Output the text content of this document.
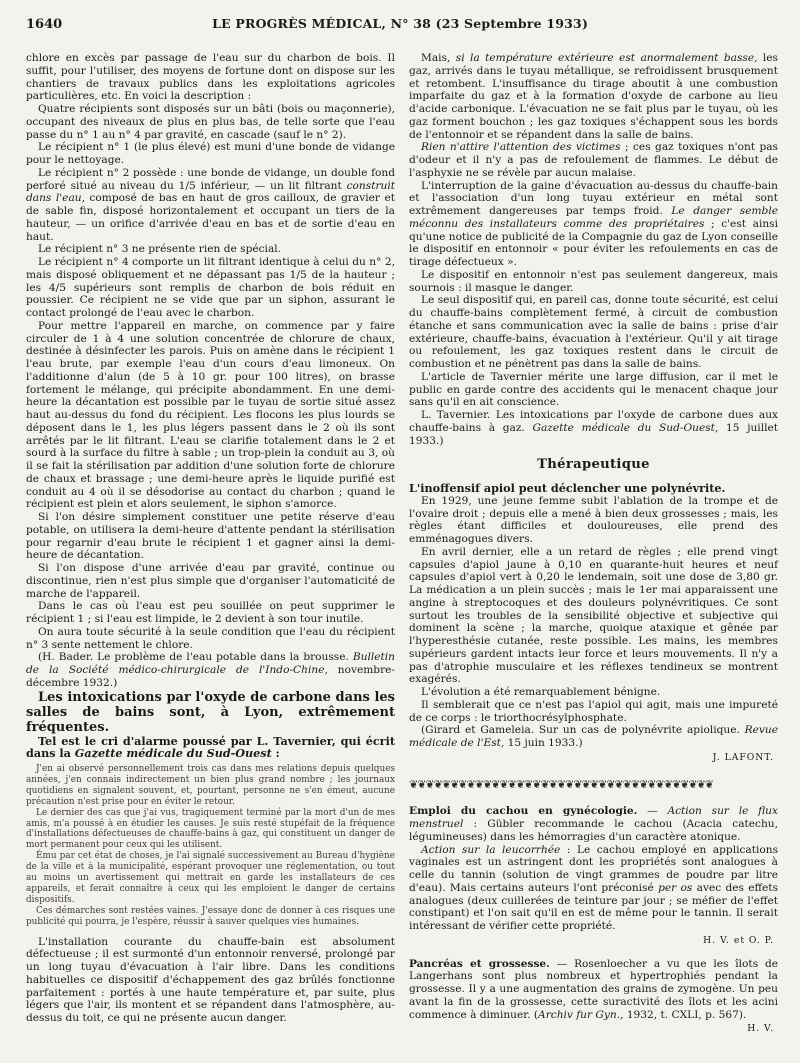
1640	LE PROGRÈS MÉDICAL, N° 38 (23 Septembre 1933)

chlore en excès par passage de l'eau sur du charbon de bois. Il suffit, pour l'utiliser, des moyens de fortune dont on dispose sur les chantiers de travaux publics dans les exploitations agricoles particulières, etc. En voici la description :

Quatre récipients sont disposés sur un bâti (bois ou maçonnerie), occupant des niveaux de plus en plus bas, de telle sorte que l'eau passe du n° 1 au n° 4 par gravité, en cascade (sauf le n° 2).

Le récipient n° 1 (le plus élevé) est muni d'une bonde de vidange pour le nettoyage.

Le récipient n° 2 possède : une bonde de vidange, un double fond perforé situé au niveau du 1/5 inférieur, — un lit filtrant construit dans l'eau, composé de bas en haut de gros cailloux, de gravier et de sable fin, disposé horizontalement et occupant un tiers de la hauteur, — un orifice d'arrivée d'eau en bas et de sortie d'eau en haut.

Le récipient n° 3 ne présente rien de spécial.

Le récipient n° 4 comporte un lit filtrant identique à celui du n° 2, mais disposé obliquement et ne dépassant pas 1/5 de la hauteur ; les 4/5 supérieurs sont remplis de charbon de bois réduit en poussier. Ce récipient ne se vide que par un siphon, assurant le contact prolongé de l'eau avec le charbon.

Pour mettre l'appareil en marche, on commence par y faire circuler de 1 à 4 une solution concentrée de chlorure de chaux, destinée à désinfecter les parois. Puis on amène dans le récipient 1 l'eau brute, par exemple l'eau d'un cours d'eau limoneux. On l'additionne d'alun (de 5 à 10 gr. pour 100 litres), on brasse fortement le mélange, qui précipite abondamment. En une demi-heure la décantation est possible par le tuyau de sortie situé assez haut au-dessus du fond du récipient. Les flocons les plus lourds se déposent dans le 1, les plus légers passent dans le 2 où ils sont arrêtés par le lit filtrant. L'eau se clarifie totalement dans le 2 et sourd à la surface du filtre à sable ; un trop-plein la conduit au 3, où il se fait la stérilisation par addition d'une solution forte de chlorure de chaux et brassage ; une demi-heure après le liquide purifié est conduit au 4 où il se désodorise au contact du charbon ; quand le récipient est plein et alors seulement, le siphon s'amorce.

Si l'on désire simplement constituer une petite réserve d'eau potable, on utilisera la demi-heure d'attente pendant la stérilisation pour regarnir d'eau brute le récipient 1 et gagner ainsi la demi-heure de décantation.

Si l'on dispose d'une arrivée d'eau par gravité, continue ou discontinue, rien n'est plus simple que d'organiser l'automaticité de marche de l'appareil.

Dans le cas où l'eau est peu souillée on peut supprimer le récipient 1 ; si l'eau est limpide, le 2 devient à son tour inutile.

On aura toute sécurité à la seule condition que l'eau du récipient n° 3 sente nettement le chlore.

(H. Bader. Le problème de l'eau potable dans la brousse. Bulletin de la Société médico-chirurgicale de l'Indo-Chine, novembre-décembre 1932.)

Les intoxications par l'oxyde de carbone dans les salles de bains sont, à Lyon, extrêmement fréquentes.

Tel est le cri d'alarme poussé par L. Tavernier, qui écrit dans la Gazette médicale du Sud-Ouest :

J'en ai observé personnellement trois cas dans mes relations depuis quelques années, j'en connais indirectement un bien plus grand nombre ; les journaux quotidiens en signalent souvent, et, pourtant, personne ne s'en émeut, aucune précaution n'est prise pour en éviter le retour.

Le dernier des cas que j'ai vus, tragiquement terminé par la mort d'un de mes amis, m'a poussé à en étudier les causes. Je suis resté stupéfait de la fréquence d'installations défectueuses de chauffe-bains à gaz, qui constituent un danger de mort permanent pour ceux qui les utilisent.

Ému par cet état de choses, je l'ai signalé successivement au Bureau d'hygiène de la ville et à la municipalité, espérant provoquer une réglementation, ou tout au moins un avertissement qui mettrait en garde les installateurs de ces appareils, et ferait connaître à ceux qui les emploient le danger de certains dispositifs.

Ces démarches sont restées vaines. J'essaye donc de donner à ces risques une publicité qui pourra, je l'espère, réussir à sauver quelques vies humaines.

L'installation courante du chauffe-bain est absolument défectueuse ; il est surmonté d'un entonnoir renversé, prolongé par un long tuyau d'évacuation à l'air libre. Dans les conditions habituelles ce dispositif d'échappement des gaz brûlés fonctionne parfaitement : portés à une haute température et, par suite, plus légers que l'air, ils montent et se répandent dans l'atmosphère, au-dessus du toit, ce qui ne présente aucun danger.

Mais, si la température extérieure est anormalement basse, les gaz, arrivés dans le tuyau métallique, se refroidissent brusquement et retombent. L'insuffisance du tirage aboutit à une combustion imparfaite du gaz et à la formation d'oxyde de carbone au lieu d'acide carbonique. L'évacuation ne se fait plus par le tuyau, où les gaz forment bouchon ; les gaz toxiques s'échappent sous les bords de l'entonnoir et se répandent dans la salle de bains.

Rien n'attire l'attention des victimes ; ces gaz toxiques n'ont pas d'odeur et il n'y a pas de refoulement de flammes. Le début de l'asphyxie ne se révèle par aucun malaise.

L'interruption de la gaine d'évacuation au-dessus du chauffe-bain et l'association d'un long tuyau extérieur en métal sont extrêmement dangereuses par temps froid. Le danger semble méconnu des installateurs comme des propriétaires ; c'est ainsi qu'une notice de publicité de la Compagnie du gaz de Lyon conseille le dispositif en entonnoir « pour éviter les refoulements en cas de tirage défectueux ».

Le dispositif en entonnoir n'est pas seulement dangereux, mais sournois : il masque le danger.

Le seul dispositif qui, en pareil cas, donne toute sécurité, est celui du chauffe-bains complètement fermé, à circuit de combustion étanche et sans communication avec la salle de bains : prise d'air extérieure, chauffe-bains, évacuation à l'extérieur. Qu'il y ait tirage ou refoulement, les gaz toxiques restent dans le circuit de combustion et ne pénètrent pas dans la salle de bains.

L'article de Tavernier mérite une large diffusion, car il met le public en garde contre des accidents qui le menacent chaque jour sans qu'il en ait conscience.

L. Tavernier. Les intoxications par l'oxyde de carbone dues aux chauffe-bains à gaz. Gazette médicale du Sud-Ouest, 15 juillet 1933.)

Thérapeutique

L'inoffensif apiol peut déclencher une polynévrite.

En 1929, une jeune femme subit l'ablation de la trompe et de l'ovaire droit ; depuis elle a mené à bien deux grossesses ; mais, les règles étant difficiles et douloureuses, elle prend des emménagogues divers.

En avril dernier, elle a un retard de règles ; elle prend vingt capsules d'apiol jaune à 0,10 en quarante-huit heures et neuf capsules d'apiol vert à 0,20 le lendemain, soit une dose de 3,80 gr. La médication a un plein succès ; mais le 1er mai apparaissent une angine à streptocoques et des douleurs polynévritiques. Ce sont surtout les troubles de la sensibilité objective et subjective qui dominent la scène ; la marche, quoique ataxique et gênée par l'hyperesthésie cutanée, reste possible. Les mains, les membres supérieurs gardent intacts leur force et leurs mouvements. Il n'y a pas d'atrophie musculaire et les réflexes tendineux se montrent exagérés.

L'évolution a été remarquablement bénigne.

Il semblerait que ce n'est pas l'apiol qui agit, mais une impureté de ce corps : le triorthocrésylphosphate.

(Girard et Gameleia. Sur un cas de polynévrite apiolique. Revue médicale de l'Est, 15 juin 1933.)

J. LAFONT.
❦❦❦❦❦❦❦❦❦❦❦❦❦❦❦❦❦❦❦❦❦❦❦❦❦❦❦❦❦❦❦❦❦❦❦❦❦

Emploi du cachou en gynécologie. — Action sur le flux menstruel : Gübler recommande le cachou (Acacia catechu, légumineuses) dans les hémorragies d'un caractère atonique.

Action sur la leucorrhée : Le cachou employé en applications vaginales est un astringent dont les propriétés sont analogues à celle du tannin (solution de vingt grammes de poudre par litre d'eau). Mais certains auteurs l'ont préconisé per os avec des effets analogues (deux cuillerées de teinture par jour ; se méfier de l'effet constipant) et l'on sait qu'il en est de même pour le tannin. Il serait intéressant de vérifier cette propriété.

H. V. et O. P.

Pancréas et grossesse. — Rosenloecher a vu que les îlots de Langerhans sont plus nombreux et hypertrophiés pendant la grossesse. Il y a une augmentation des grains de zymogène. Un peu avant la fin de la grossesse, cette suractivité des îlots et les acini commence à diminuer. (Archiv fur Gyn., 1932, t. CXLI, p. 567).

H. V.
